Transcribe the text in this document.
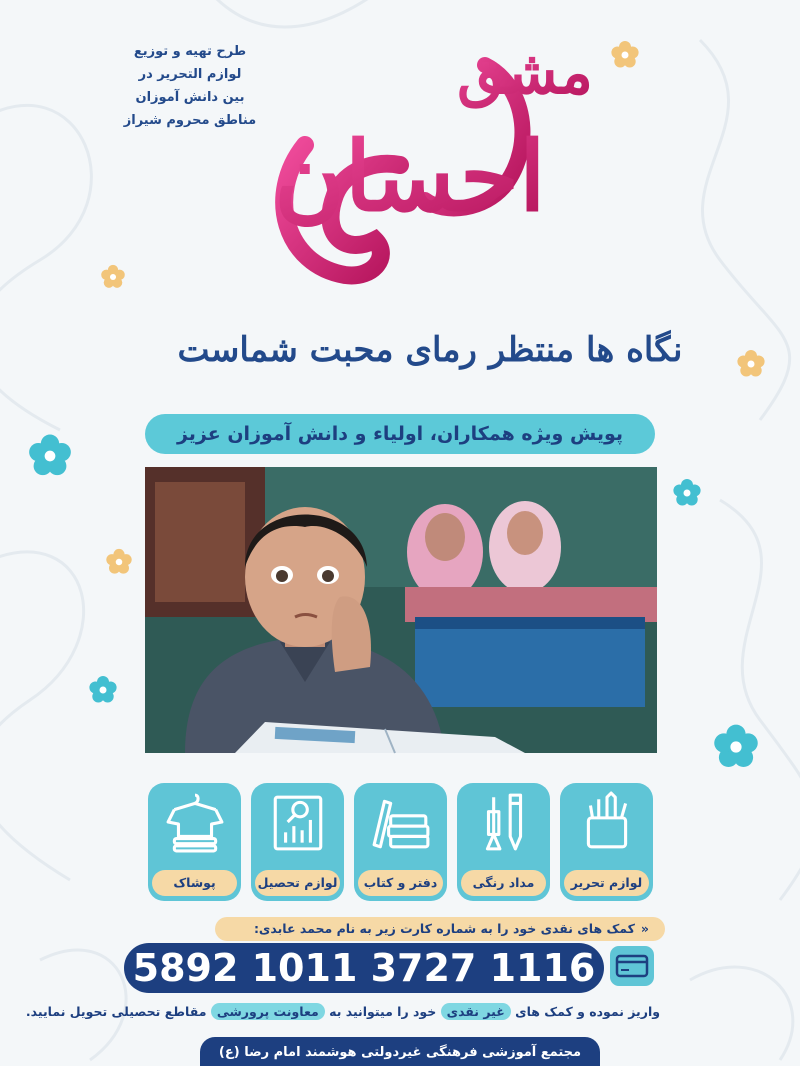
طرح تهیه و توزیع
لوازم التحریر در
بین دانش آموزان
مناطق محروم شیراز
مشق
احسان
نگاه ها منتظر رمای محبت شماست
پویش ویژه همکاران، اولیاء و دانش آموزان عزیز
لوازم تحریر
مداد رنگی
دفتر و کتاب
لوازم تحصیل
پوشاک
«کمک های نقدی خود را به شماره کارت زیر به نام محمد عابدی:
5892 1011 3727 1116
واریز نموده و کمک های غیر نقدی خود را میتوانید به معاونت پرورشی مقاطع تحصیلی تحویل نمایید.
مجتمع آموزشی فرهنگی غیردولتی هوشمند امام رضا (ع)
